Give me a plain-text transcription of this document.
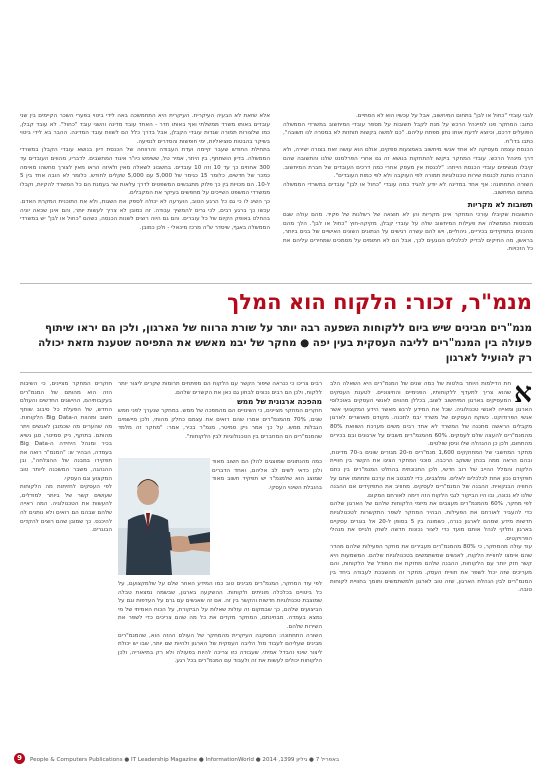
לגבי עובדי "כחול או לבן" בתחום המיחשוב, אבל על עכשיו הוא לא הסתיים.

כתוב: המחקר פנו למיינהל הרכש על מנת לקבל תשובות על מספר עובדי המיחשוב במשרדי הממשלה הפועלים דרכם, וכיוצא לדעת אותו נתון מפתח עליהם. "כם למשה בקשות תוחזות לא במסרה לנו תשובה", כתבו בדו"ח.

הכנסת עצמה מעסיקה לא אחד אנשי מיחשוב באמצעות ספקים, אולם הוא עושה זאת בצורה ישירה, ולא דרך מינהל הרכש. עובדי המחקר ביקשו להתחקות בנושא זה גם אחרי הפרלמנט שלנו והתשובה שהם קיבלו מגשימים עובדי הכנסת הייתה: "לכנסת אין מעסק אחרי כמה דרכים העובדים של חברת המיחשוב. החברה נותנת לכנסת שירות טכנולוגיות תמורה לפי העוקבה ולא לפי כמות העובדים".

השורה התחתונה: אף אחד במדינה לא יודע להגיד כמה עובדי "כחול או לבן" עובדים במשרדי הממשלה בתחום המיחשוב.

תשובות לא מקריות

התשובות שקיבלו עורכי המחקר אינן מקריות והן לא תוצאה של רשלנות של פקיד. מהם עולה שגם מבססות הממשלה את פעילות המיחשוב שלה על עובדי קבלן, מקיקה-חוץ "כחול או לבן". הלך מהם מהכניס בתפקידים בכיריים, ניהוליים, ויש להם עשרה רגישים על הנתונים השונים האישיים של בנים ביותר, בראשן, מה החיקים לבדיק לכלכלים הנוגעים לכך, אבל הם לא חתומים על מסמכים שמחירים עליהם את כל הזכויות.

אלא שזאת לא הבעיה העיקרית. העיקרית היא התחמשכה באה לידי ביטוי בפערי השכר הקיימים בין שני עובדים באותו משרד ממשלתי ואף באותו חדר - האחד עובד מדינה והשני עובד "כחול". לא עובד קבלן, כמו שלצורות תמורה שגדות עובדי הקבלן, אבל בדרך כלל הם לשוות עובד המדינה. ההבר בא לידי ביטוי בשיקר בהבטות סוציאליות, ימי חופשות והסדרים לנסיעה.

בתחילת החודש שעבר קיימה ועדת העבודה והרווחה של הכנסת דיון בנושא עובדי הקבלן במשרדי הממשלה. בדיון הושתתף, בין היתר, אמיר טל, ששימש כיו"ר איגוד המחשבים. לדבריו, מהווים העובדים עד 300 אחוזים כך עד 10 וזה 10 עובדים. בחשבונ לשאלה מאין ולאיזה הראו מאין לצורך סחשהו מאימה כמכר של חדשים, כלומר 15 כגימר של 5,000 עם 5,000 שקלים לחודש. כלומר לא הובה אחד בין 5 ל-10. הם מכויות בין כך פלוק מתגבשים המשפטים לדרך עלאות שר בעמנת הם כל המשרד להקיות, וקבלו ממשרדי המשפט השייכים על מחפשים בעיקר את המקבלים.

כך השיג לו כי גם כל הרגע הטוב, הוערעה לא יכולה לספק את השגות, ולא את התוכנית המקרת האדם. עכשו כך ברגע רבים, לכי גרים להמשיך עבודה. זה כמובן לא צריך לעשות יותר, והם אינן שכאה יוניה בהחלט באופק הקיום של כל עוברים. והם גם היוה רוצים לשנות הכנסה, כשהם "כחול או לבן" יש במשרדי הממשלה באגף, שיסדר ש"ה מרכז מיכאלי - ולכן כמובן.

מנמ"ר, זכור: הלקוח הוא המלך
מנמ"רים מבינים שיש ביום ללקוחות השפעה רבה יותר על שורת הרווח של הארגון, ולכן הם יראו שיתוף פעולה בין המנמ"רים לליבה העסקית בעין יפה ● מחקר של יבמ מאשש את התפיסה שטענת מזאת יכולה רק להועיל לארגון
א

חת הדילמות היותר בולטות של כמה שנים של המנמ"רים היא השאלה הלב שהוא צריך לתעדף ללקוחותיו, הפנימיים והחיצוניים. לטענת העסקים המעסיקים בארגון המיחשוב לשוב, בכללן מהווים לאנשי העסקים באוכלוסי הארגון ומאייה לאנשי טכנולוגיה. שכל את המידע לרגש מאשר הידע המקצועי אשר אנשי הפרודוקט. כשקח העסקים של משרד יבמ לתכנה. מקודם מאושרים לארגון מקבלים הראשה מתכנה של המשרד לא אחד רבים משים מערכת השוואת 80% מהמנמ"רים להעצה שלם לעסקים. 60% מהמנמ"רים משבים על ארגונים ובם בכירים מהתחום, ולכן כן ההנהלה שלו וניסן שולטים.

מחקר המחשבי של המחוקקים 1,600 מנמ"רים מ-20 מגזרים שונים ב-70 מדינות, ובהם הראה ממה בכחן ששקב הרכבה. סוכני המחקר הציגו את הקשר בין חוויית הלקוח והמלל ההייב של רוב חדשי, ולכן התכונתית בהחלט המנמ"רים בין כתם תפקידם נכון אחת לכלכלים לאלים. ומלצבים, כדי למבטב את ערכם ותחתמו אתם על החוויה הבנקאית. ההבנה של המנמ"רים לעסקים. מחוויב את התפקידים אם ההבנה שלנו לא נכונה, ובו היו הביקור לגבי הלקוח הזה דימה לאורחם המקום.

לפי מחקר, 60% מהמנמ"רים מעצבים את מיזמי הלקוחות שלהם של הארגון שלהם כדי להעביר לאורחם את הפעילות. הבהיר המחקר לשפר התקשרות לטכנולוגיות חדשות מידע שמהם לארגון כנרה, כשמונה בין 5 בסופן ל-20 אל בוגרים עסקיים בארגון ותלקי לנהל אותם מועד כדי ליצור נכונות חדשה לשוק ולגייס את מנהלי הפרויקטים.

עוד עולה מהמחקר, כי 80% מהמנמ"רים מעבירים את מחקר הפעילות שלהם מהדר שהם אימצו לחוויית הלקוח, לאנשים שמשתמשים בטכנולוגיות שלהם. המשמעות היא קשר חזק יותר עם הלקוחות, ההבנה שלהם מחזקת את המודל של הלקוחות, והם מעריכים שזה יכול לשפר את חוויית העסק. מחקר זה מהשבכת לעבודה ביחד בין המנמ"רים לבין הנהלת הארגון, שזה טוב לארגון ולמשתמשים ותומך בחוויית לקוחות טובה.

רבים צריכו כי כנראה שיפור הקשר עם הלקוח הם מפתחים תרומות שקרים ליצור יותר ללקוח, ולכן הם רבים נכונים לבחון גם כאן את הקשרים שלהם.

מהפכה ארגונית של ממש

חוקרים המחקר מציינים, כי השינויים הם מהמפכה של ממש. במחקר שנערך לפני חמש שנים, 70% מהמנמ"רים אמרו שהם רואים את עצמם כחלק מהותי, ולכן מיישמים הגבלות ממש. על כך אמר ניק סמיטר, מנמ"ר בכיר, אמר: "מחקר זה מלמד שהמנמ"רים הם המחברים בין הטכנולוגיות לבין הלקוחות".

חוקרים המחקר מציינים, כי השיבות הזה הוא מהותם של המנמ"רים בעקבותיהם, ההישגים החדשים והעולם החדש, של הפעלת כל סיבוב שותף חשוב ומהוות ה-Big Data הלקוחות. מה שהערים מה שכמובן לאנשים ויתר מהותם. בתוקף, ניק סמיטר, סגן נשיא בכיר ומנהל היחידה ה-Big Data בעמדה, הבהיר ש: "המנמ"ר רואה את תפקידו במבנה של ההצלחה", ובן ההנהגה, משבר המשכנה ליותר טוב המקצוע וגם העסקי.

לפי העסקים לחזיתות מה הלקוחות שעושים קשר של ביותר למודלים, להעשות את הטכנולוגיה. המה ראייה שלהם שבהם הם רואים ולא נותנים לה להיכנס. כך שמובן שהם רוצים להקדים הבוגרים.

כמה מהנתונים שמוצגים להלן הם חשוב מאוד ולכן כדאי לשים לב אליהם, ואחד הדברים שמוצג הוא שלמנמ"ר יש תפקיד חשוב מאוד בהובלת השינוי העסקי.

לפי עוד המחקר, המנמ"רים מבינים טוב כמו המידע האחר שלם על שלמקצועם, על כל ביטויים בכלכלה מוניתים ולקוחות. ההשקעה בארגון, שבשמה נמצאת טבלה שמוצבת טכנולוגיות חדשות והקשר בין זה. אם זה שאנשים עם גרם על העדפות וגם על הביצועים שלהם, כך שבמקום זה עולות שאלות על הביקורת, על הכוח האמיתי של מי נמצא בעמדה. מבחינתם, המחקר מקדים את כל מה שהם צריכים כדי לשפר את השירות שלהם.

השורה התחתונה: המסקנה העיקרית מהמחקר של העולם ההזה הוא, שהמנמ"רים מבינים שעליהם לעבוד מול הליבה העסקית של הארגון ולהיות שם יותר, שבו יש יכולת ליצור שינוי והבדל אמיתי. שעבודה כזו צריכה להיות בפעולה ולא רק בתיאוריה, ולכן הלקוחות יכולים לעשות את זה ולעבוד עם המנמ"רים בכל רגע.

9	People & Computers Publications ● IT Leadership Magazine ● InformationWorld ● 2014 ,באפריל 7 ● גיליון 1399
